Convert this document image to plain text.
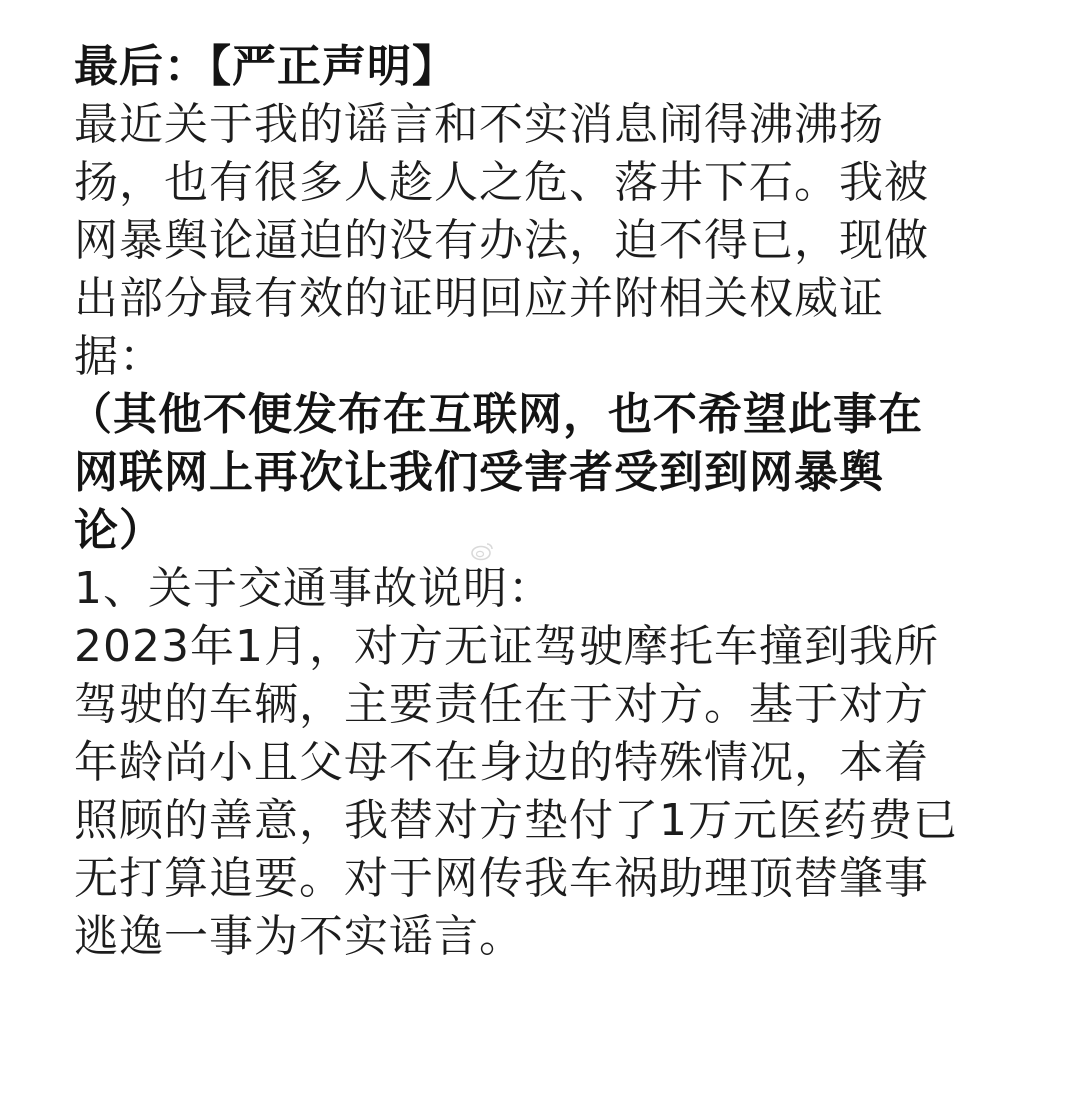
最后：【严正声明】
最近关于我的谣言和不实消息闹得沸沸扬
扬，也有很多人趁人之危、落井下石。我被
网暴舆论逼迫的没有办法，迫不得已，现做
出部分最有效的证明回应并附相关权威证
据：
（其他不便发布在互联网，也不希望此事在
网联网上再次让我们受害者受到到网暴舆
论）
1、关于交通事故说明：
2023年1月，对方无证驾驶摩托车撞到我所
驾驶的车辆，主要责任在于对方。基于对方
年龄尚小且父母不在身边的特殊情况，本着
照顾的善意，我替对方垫付了1万元医药费已
无打算追要。对于网传我车祸助理顶替肇事
逃逸一事为不实谣言。
